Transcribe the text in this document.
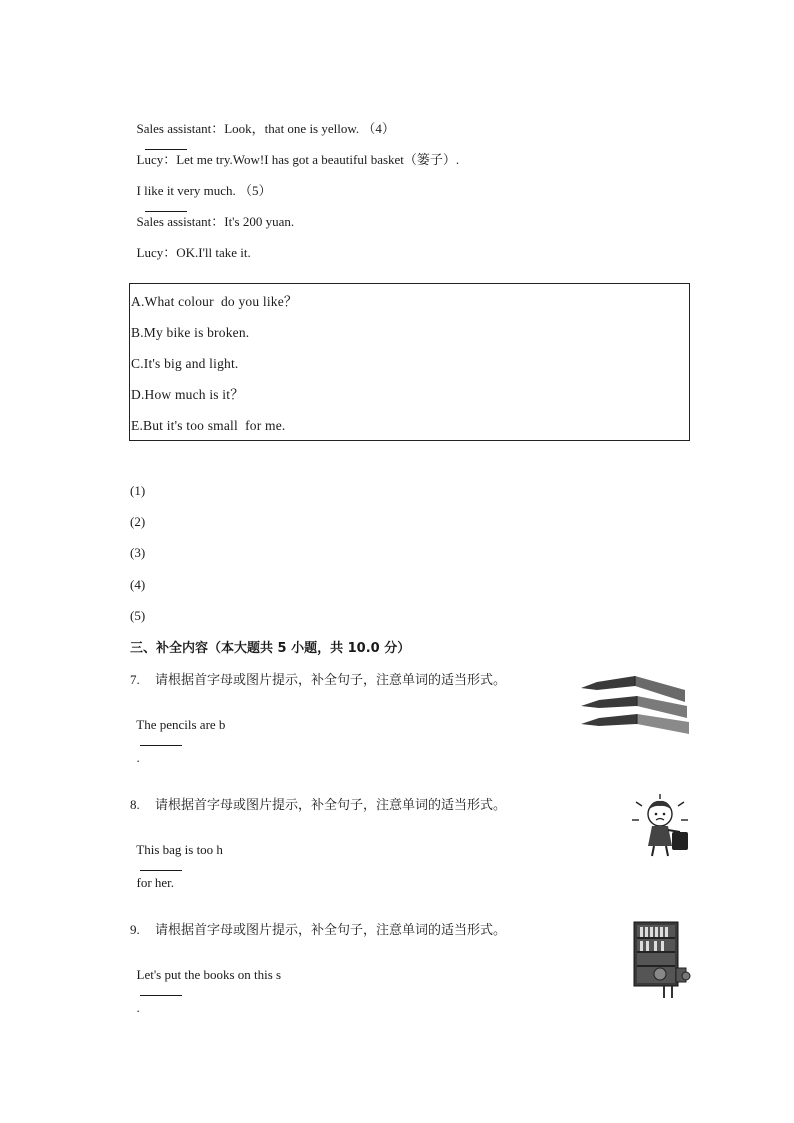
Sales assistant：Look，that one is yellow. （4）

Lucy：Let me try.Wow!I has got a beautiful basket（篓子）.

I like it very much. （5）

Sales assistant：It's 200 yuan.

Lucy：OK.I'll take it.

A.What colour  do you like？
B.My bike is broken.
C.It's big and light.
D.How much is it？
E.But it's too small  for me.
(1)
(2)
(3)
(4)
(5)
三、补全内容（本大题共 5 小题，共 10.0 分）
7. 请根据首字母或图片提示，补全句子，注意单词的适当形式。

The pencils are b

.

8. 请根据首字母或图片提示，补全句子，注意单词的适当形式。

This bag is too h

for her.

9. 请根据首字母或图片提示，补全句子，注意单词的适当形式。

Let's put the books on this s

.
